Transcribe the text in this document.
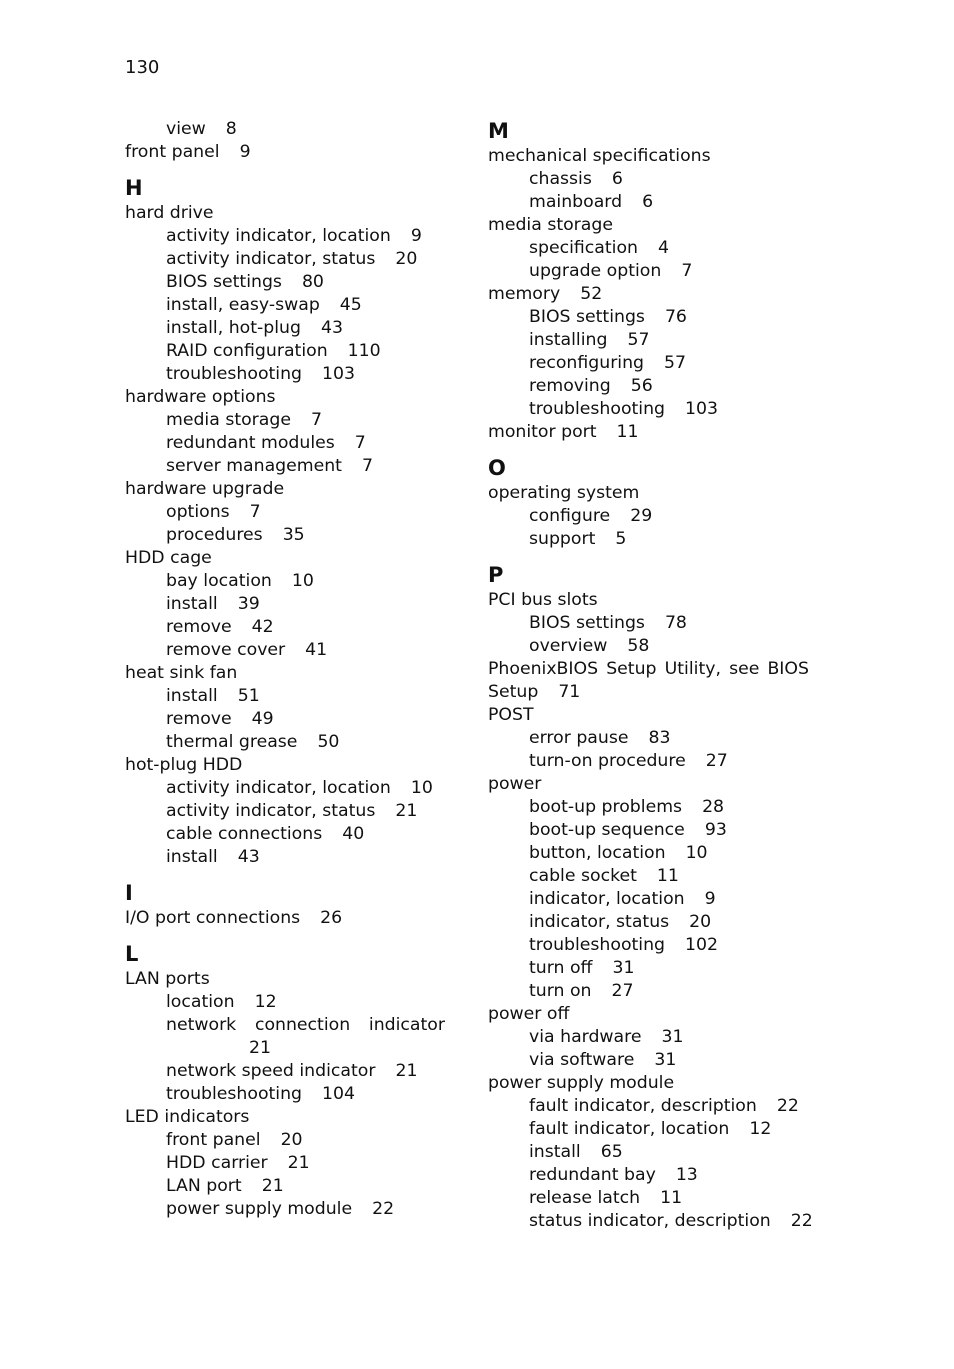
130
view 8
front panel 9
H
hard drive
activity indicator, location 9
activity indicator, status 20
BIOS settings 80
install, easy-swap 45
install, hot-plug 43
RAID configuration 110
troubleshooting 103
hardware options
media storage 7
redundant modules 7
server management 7
hardware upgrade
options 7
procedures 35
HDD cage
bay location 10
install 39
remove 42
remove cover 41
heat sink fan
install 51
remove 49
thermal grease 50
hot-plug HDD
activity indicator, location 10
activity indicator, status 21
cable connections 40
install 43
I
I/O port connections 26
L
LAN ports
location 12
network connection indicator
21
network speed indicator 21
troubleshooting 104
LED indicators
front panel 20
HDD carrier 21
LAN port 21
power supply module 22
M
mechanical specifications
chassis 6
mainboard 6
media storage
specification 4
upgrade option 7
memory 52
BIOS settings 76
installing 57
reconfiguring 57
removing 56
troubleshooting 103
monitor port 11
O
operating system
configure 29
support 5
P
PCI bus slots
BIOS settings 78
overview 58
PhoenixBIOS Setup Utility, see BIOS
Setup 71
POST
error pause 83
turn-on procedure 27
power
boot-up problems 28
boot-up sequence 93
button, location 10
cable socket 11
indicator, location 9
indicator, status 20
troubleshooting 102
turn off 31
turn on 27
power off
via hardware 31
via software 31
power supply module
fault indicator, description 22
fault indicator, location 12
install 65
redundant bay 13
release latch 11
status indicator, description 22
